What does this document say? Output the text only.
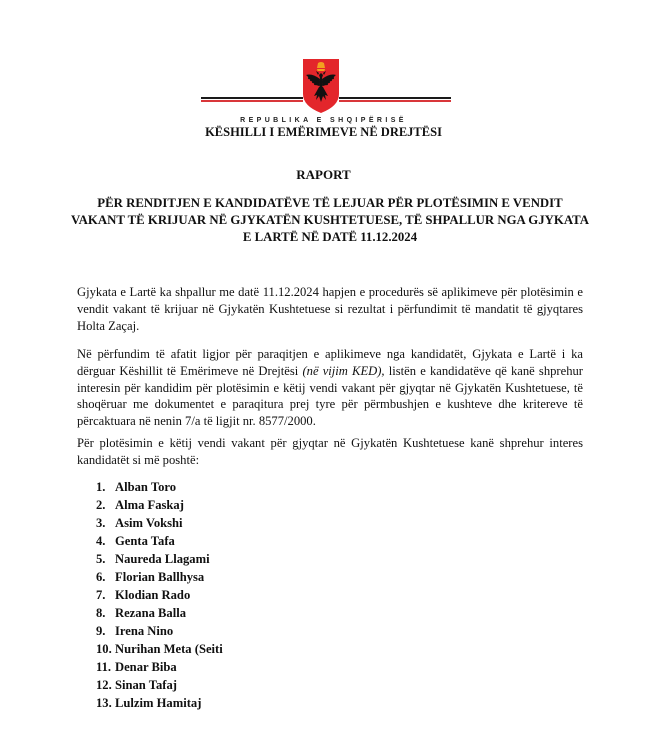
REPUBLIKA E SHQIPËRISË
KËSHILLI I EMËRIMEVE NË DREJTËSI
RAPORT
PËR RENDITJEN E KANDIDATËVE TË LEJUAR PËR PLOTËSIMIN E VENDIT VAKANT TË KRIJUAR NË GJYKATËN KUSHTETUESE, TË SHPALLUR NGA GJYKATA E LARTË NË DATË 11.12.2024
Gjykata e Lartë ka shpallur me datë 11.12.2024 hapjen e procedurës së aplikimeve për plotësimin e vendit vakant të krijuar në Gjykatën Kushtetuese si rezultat i përfundimit të mandatit të gjyqtares Holta Zaçaj.
Në përfundim të afatit ligjor për paraqitjen e aplikimeve nga kandidatët, Gjykata e Lartë i ka dërguar Këshillit të Emërimeve në Drejtësi (në vijim KED), listën e kandidatëve që kanë shprehur interesin për kandidim për plotësimin e këtij vendi vakant për gjyqtar në Gjykatën Kushtetuese, të shoqëruar me dokumentet e paraqitura prej tyre për përmbushjen e kushteve dhe kritereve të përcaktuara në nenin 7/a të ligjit nr. 8577/2000.
Për plotësimin e këtij vendi vakant për gjyqtar në Gjykatën Kushtetuese kanë shprehur interes kandidatët si më poshtë:
1. Alban Toro
2. Alma Faskaj
3. Asim Vokshi
4. Genta Tafa
5. Naureda Llagami
6. Florian Ballhysa
7. Klodian Rado
8. Rezana Balla
9. Irena Nino
10. Nurihan Meta (Seiti
11. Denar Biba
12. Sinan Tafaj
13. Lulzim Hamitaj
